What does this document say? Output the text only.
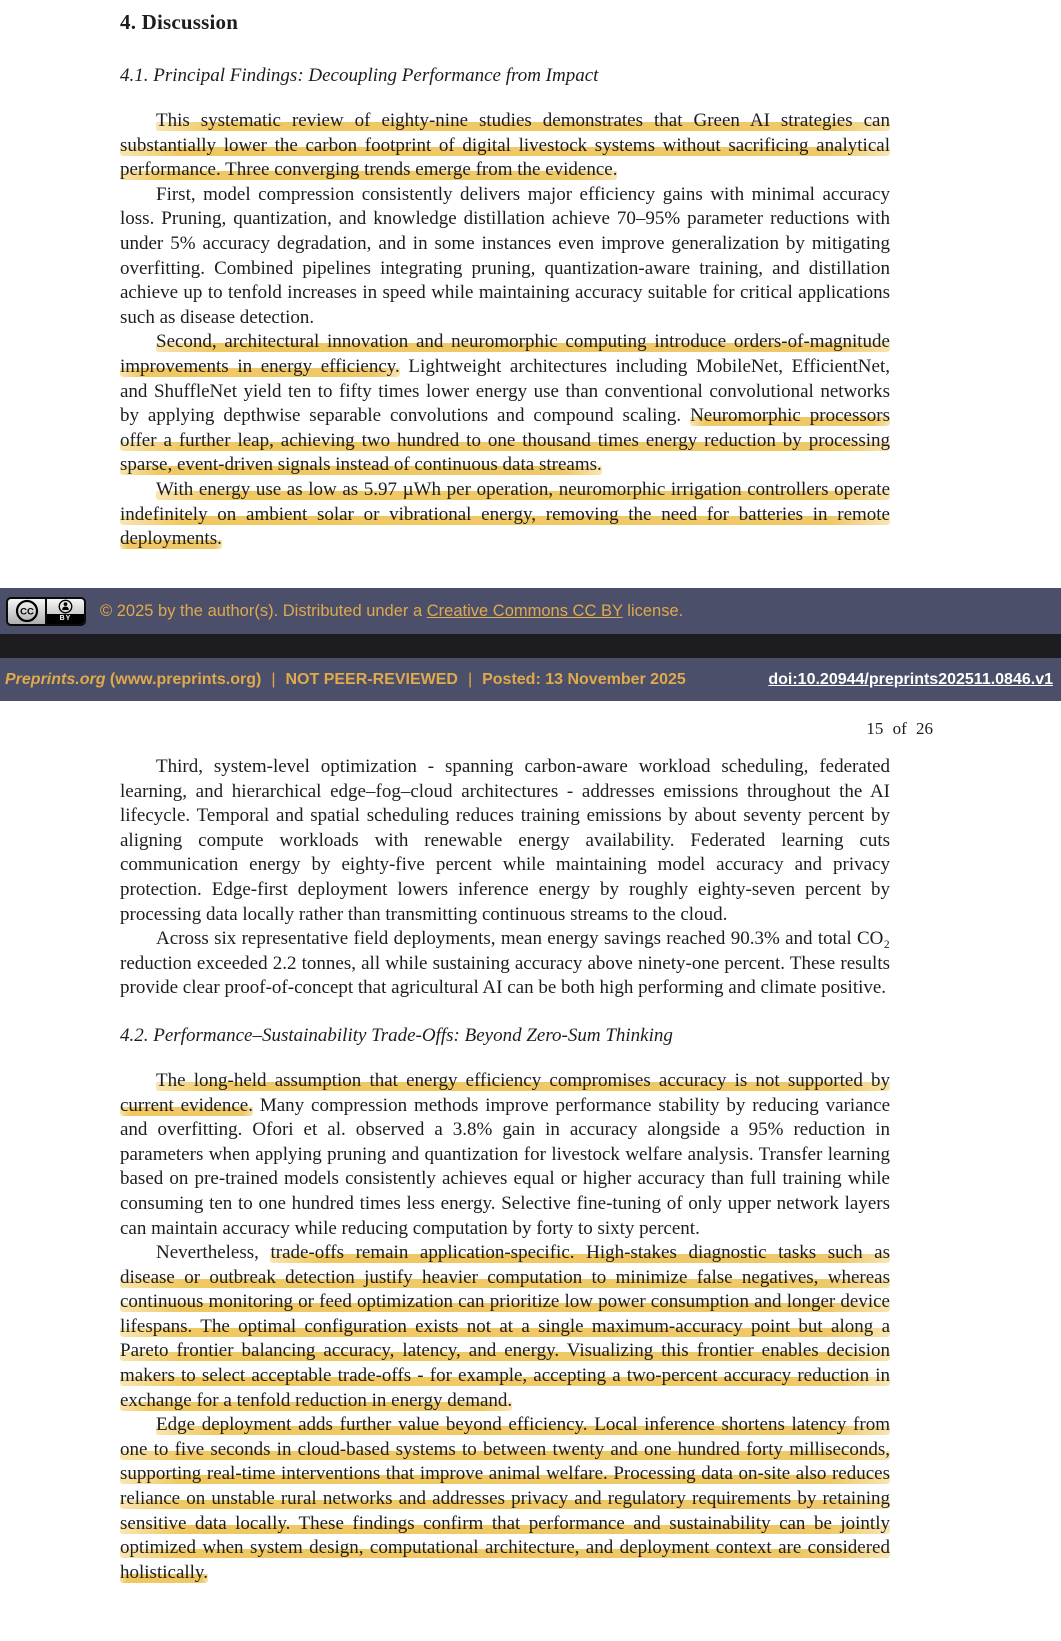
4. Discussion
4.1. Principal Findings: Decoupling Performance from Impact

This systematic review of eighty-nine studies demonstrates that Green AI strategies can substantially lower the carbon footprint of digital livestock systems without sacrificing analytical performance. Three converging trends emerge from the evidence.

First, model compression consistently delivers major efficiency gains with minimal accuracy loss. Pruning, quantization, and knowledge distillation achieve 70–95% parameter reductions with under 5% accuracy degradation, and in some instances even improve generalization by mitigating overfitting. Combined pipelines integrating pruning, quantization-aware training, and distillation achieve up to tenfold increases in speed while maintaining accuracy suitable for critical applications such as disease detection.

Second, architectural innovation and neuromorphic computing introduce orders-of-magnitude improvements in energy efficiency. Lightweight architectures including MobileNet, EfficientNet, and ShuffleNet yield ten to fifty times lower energy use than conventional convolutional networks by applying depthwise separable convolutions and compound scaling. Neuromorphic processors offer a further leap, achieving two hundred to one thousand times energy reduction by processing sparse, event-driven signals instead of continuous data streams.

With energy use as low as 5.97 µWh per operation, neuromorphic irrigation controllers operate indefinitely on ambient solar or vibrational energy, removing the need for batteries in remote deployments.

CC
BY	© 2025 by the author(s). Distributed under a Creative Commons CC BY license.
Preprints.org (www.preprints.org) | NOT PEER-REVIEWED | Posted: 13 November 2025	doi:10.20944/preprints202511.0846.v1
15 of 26

Third, system-level optimization - spanning carbon-aware workload scheduling, federated learning, and hierarchical edge–fog–cloud architectures - addresses emissions throughout the AI lifecycle. Temporal and spatial scheduling reduces training emissions by about seventy percent by aligning compute workloads with renewable energy availability. Federated learning cuts communication energy by eighty-five percent while maintaining model accuracy and privacy protection. Edge-first deployment lowers inference energy by roughly eighty-seven percent by processing data locally rather than transmitting continuous streams to the cloud.

Across six representative field deployments, mean energy savings reached 90.3% and total CO₂ reduction exceeded 2.2 tonnes, all while sustaining accuracy above ninety-one percent. These results provide clear proof-of-concept that agricultural AI can be both high performing and climate positive.

4.2. Performance–Sustainability Trade-Offs: Beyond Zero-Sum Thinking

The long-held assumption that energy efficiency compromises accuracy is not supported by current evidence. Many compression methods improve performance stability by reducing variance and overfitting. Ofori et al. observed a 3.8% gain in accuracy alongside a 95% reduction in parameters when applying pruning and quantization for livestock welfare analysis. Transfer learning based on pre-trained models consistently achieves equal or higher accuracy than full training while consuming ten to one hundred times less energy. Selective fine-tuning of only upper network layers can maintain accuracy while reducing computation by forty to sixty percent.

Nevertheless, trade-offs remain application-specific. High-stakes diagnostic tasks such as disease or outbreak detection justify heavier computation to minimize false negatives, whereas continuous monitoring or feed optimization can prioritize low power consumption and longer device lifespans. The optimal configuration exists not at a single maximum-accuracy point but along a Pareto frontier balancing accuracy, latency, and energy. Visualizing this frontier enables decision makers to select acceptable trade-offs - for example, accepting a two-percent accuracy reduction in exchange for a tenfold reduction in energy demand.

Edge deployment adds further value beyond efficiency. Local inference shortens latency from one to five seconds in cloud-based systems to between twenty and one hundred forty milliseconds, supporting real-time interventions that improve animal welfare. Processing data on-site also reduces reliance on unstable rural networks and addresses privacy and regulatory requirements by retaining sensitive data locally. These findings confirm that performance and sustainability can be jointly optimized when system design, computational architecture, and deployment context are considered holistically.
